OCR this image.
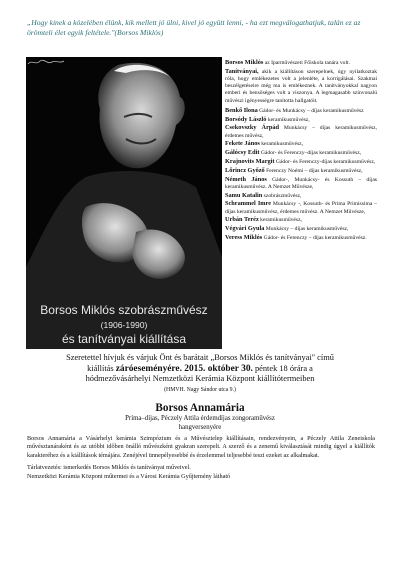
„Hogy kinek a közelében élünk, kik mellett jó ülni, kivel jó együtt lenni, - ha ezt megválogathatjuk, talán ez az örömteli élet egyik feltétele."(Borsos Miklós)
Borsos Miklós szobrászművész
(1906-1990)
és tanítványai kiállítása

Borsos Miklós az Iparművészeti Főiskola tanára volt.

Tanítványai, akik a kiállításon szerepelnek, úgy nyilatkoztak róla, hogy emlékezetes volt a jelenléte, a korrigálásai. Szakmai beszélgetéseire még ma is emlékeznek. A tanítványokkal nagyon emberi és bensőséges volt a viszonya. A legmagasabb színvonalú művészi igényességre tanította hallgatóit.

Benkő Ilona Gádor- és Munkácsy – díjas keramikusművész

Borsódy László keramikusművész,

Csekovszky Árpád Munkácsy – díjas keramikusművész, érdemes művész,

Fekete János keramikusművész,

Gálócsy Edit Gádor- és Ferenczy–díjas keramikusművész,

Krajnovits Margit Gádor- és Ferenczy-díjas keramikusművész,

Lőrincz Győző Ferenczy Noémi – díjas keramikusművész,

Németh János Gádor-, Munkácsy- és Kossuth – díjas keramikusművész. A Nemzet Művésze,

Samu Katalin szobrászművész,

Schrammel Imre Munkácsy -, Kossuth- és Prima Primissima – díjas keramikusművész, érdemes művész. A Nemzet Művésze,

Urbán Teréz keramikusművész,

Végvári Gyula Munkácsy – díjas keramikusművész,

Veress Miklós Gádor- és Ferenczy – díjas keramikusművész.

Szeretettel hívjuk és várjuk Önt és barátait „Borsos Miklós és tanítványai" című
kiállítás záróeseményére. 2015. október 30. péntek 18 órára a
hódmezővásárhelyi Nemzetközi Kerámia Központ kiállítótermeiben
(HMVH. Nagy Sándor utca 9.)
Borsos Annamária
Príma–díjas, Péczely Attila érdemdíjas zongoraművész
hangversenyére

Borsos Annamária a Vásárhelyi kerámia Szimpózium és a Művésztelep kiállításain, rendezvényein, a Péczely Attila Zeneiskola művésztanáraként és az utóbbi időben önálló művészként gyakran szerepelt. A szerző és a zenemű kiválasztását mindig úgyel a kiállítók karakteréhez és a kiállítások témájára. Zenéjével ünnepélyesebbé és érzelemmel teljesebbé teszi ezeket az alkalmakat.

Tárlatvezetés: ismerkedés Borsos Miklós és tanítványai műveivel.

Nemzetközi Kerámia Központ műtermei és a Városi Kerámia Gyűjtemény látható
